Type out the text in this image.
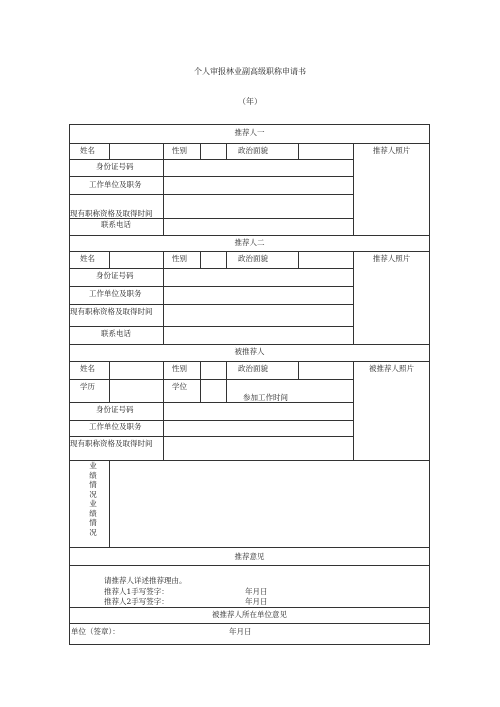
个人审报林业副高级职称申请书
（年）
推荐人一
姓名	性别	政治面貌	推荐人照片
身份证号码
工作单位及职务
现有职称资格及取得时间
联系电话
推荐人二
姓名	性别	政治面貌	推荐人照片
身份证号码
工作单位及职务
现有职称资格及取得时间
联系电话
被推荐人
姓名	性别	政治面貌	被推荐人照片
学历	学位
参加工作时间
身份证号码
工作单位及职务
现有职称资格及取得时间
业绩情况业绩情况
推荐意见
请推荐人详述推荐理由。
推荐人1手写签字：	年月日
推荐人2手写签字：	年月日
被推荐人所在单位意见
单位（签章）：	年月日
